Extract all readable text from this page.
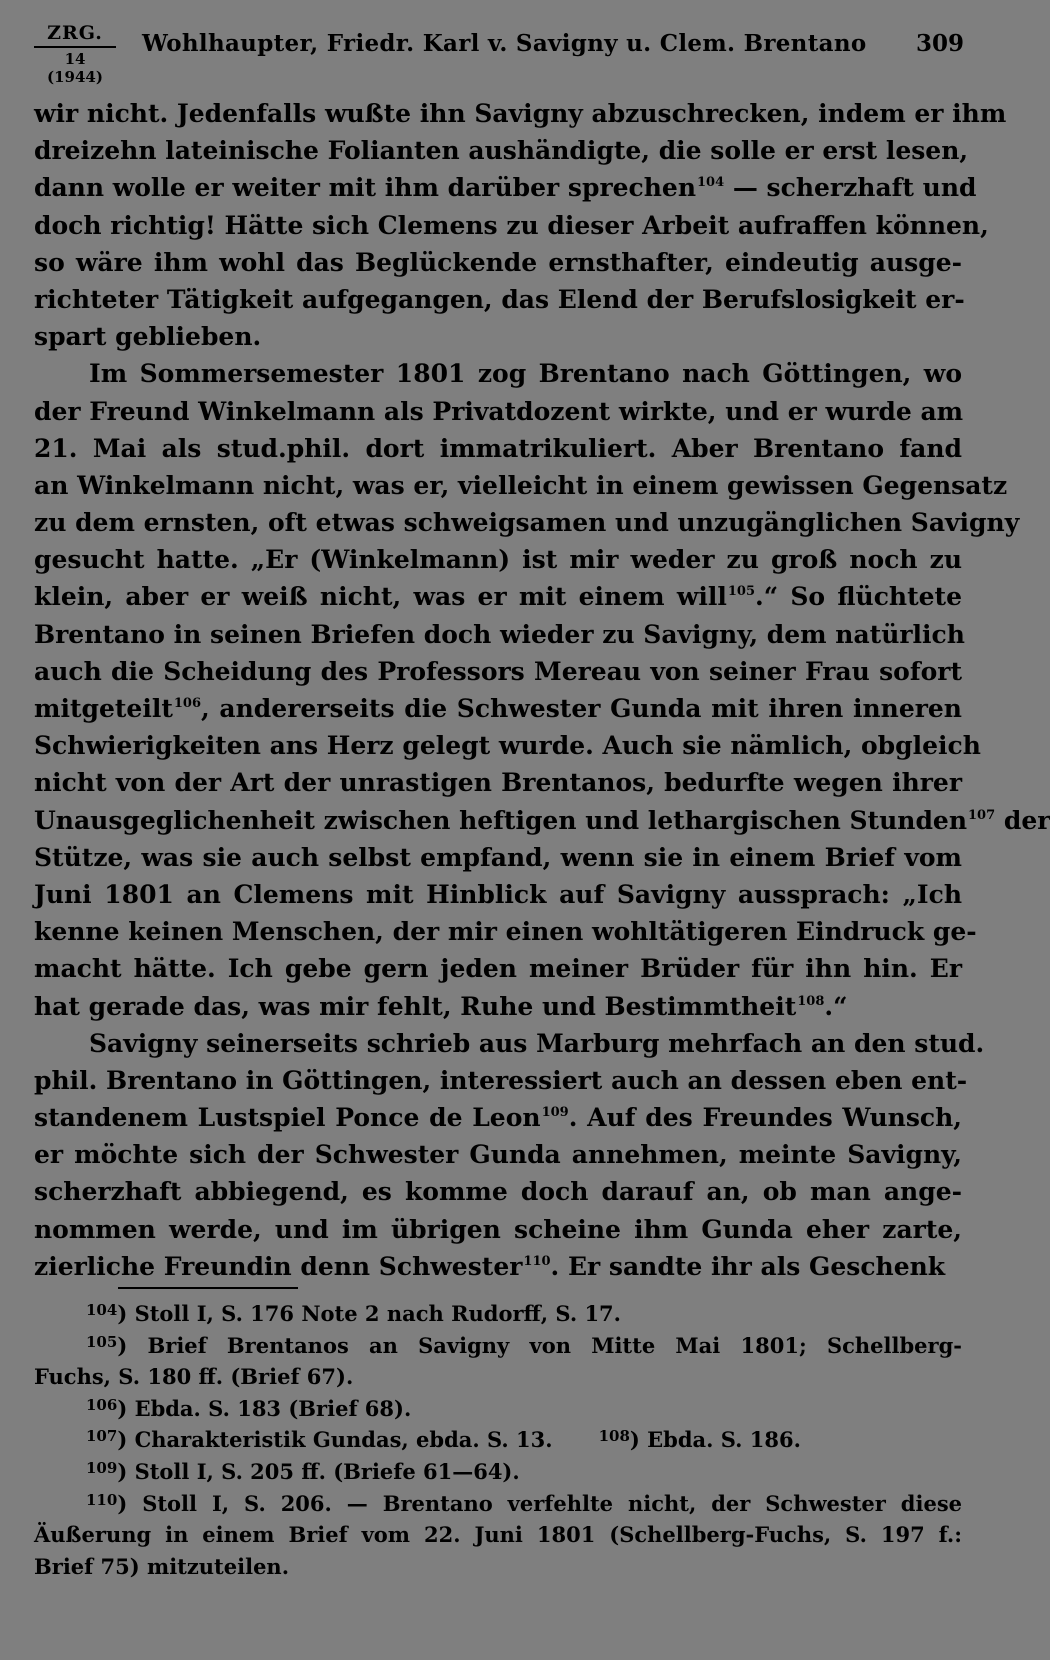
ZRG.
14 (1944)
Wohlhaupter, Friedr. Karl v. Savigny u. Clem. Brentano 309
wir nicht. Jedenfalls wußte ihn Savigny abzuschrecken, indem er ihm
dreizehn lateinische Folianten aushändigte, die solle er erst lesen,
dann wolle er weiter mit ihm darüber sprechen$^{104}$ — scherzhaft und
doch richtig! Hätte sich Clemens zu dieser Arbeit aufraffen können,
so wäre ihm wohl das Beglückende ernsthafter, eindeutig ausge-
richteter Tätigkeit aufgegangen, das Elend der Berufslosigkeit er-
spart geblieben.
Im Sommersemester 1801 zog Brentano nach Göttingen, wo
der Freund Winkelmann als Privatdozent wirkte, und er wurde am
21. Mai als stud.phil. dort immatrikuliert. Aber Brentano fand
an Winkelmann nicht, was er, vielleicht in einem gewissen Gegensatz
zu dem ernsten, oft etwas schweigsamen und unzugänglichen Savigny
gesucht hatte. „Er (Winkelmann) ist mir weder zu groß noch zu
klein, aber er weiß nicht, was er mit einem will$^{105}$.“ So flüchtete
Brentano in seinen Briefen doch wieder zu Savigny, dem natürlich
auch die Scheidung des Professors Mereau von seiner Frau sofort
mitgeteilt$^{106}$, andererseits die Schwester Gunda mit ihren inneren
Schwierigkeiten ans Herz gelegt wurde. Auch sie nämlich, obgleich
nicht von der Art der unrastigen Brentanos, bedurfte wegen ihrer
Unausgeglichenheit zwischen heftigen und lethargischen Stunden$^{107}$ der
Stütze, was sie auch selbst empfand, wenn sie in einem Brief vom
Juni 1801 an Clemens mit Hinblick auf Savigny aussprach: „Ich
kenne keinen Menschen, der mir einen wohltätigeren Eindruck ge-
macht hätte. Ich gebe gern jeden meiner Brüder für ihn hin. Er
hat gerade das, was mir fehlt, Ruhe und Bestimmtheit$^{108}$.“
Savigny seinerseits schrieb aus Marburg mehrfach an den stud.
phil. Brentano in Göttingen, interessiert auch an dessen eben ent-
standenem Lustspiel Ponce de Leon$^{109}$. Auf des Freundes Wunsch,
er möchte sich der Schwester Gunda annehmen, meinte Savigny,
scherzhaft abbiegend, es komme doch darauf an, ob man ange-
nommen werde, und im übrigen scheine ihm Gunda eher zarte,
zierliche Freundin denn Schwester$^{110}$. Er sandte ihr als Geschenk
$^{104}$) Stoll I, S. 176 Note 2 nach Rudorff, S. 17.
$^{105}$) Brief Brentanos an Savigny von Mitte Mai 1801; Schellberg-
Fuchs, S. 180 ff. (Brief 67).
$^{106}$) Ebda. S. 183 (Brief 68).
$^{107}$) Charakteristik Gundas, ebda. S. 13.	$^{108}$) Ebda. S. 186.
$^{109}$) Stoll I, S. 205 ff. (Briefe 61—64).
$^{110}$) Stoll I, S. 206. — Brentano verfehlte nicht, der Schwester diese
Äußerung in einem Brief vom 22. Juni 1801 (Schellberg-Fuchs, S. 197 f.:
Brief 75) mitzuteilen.
